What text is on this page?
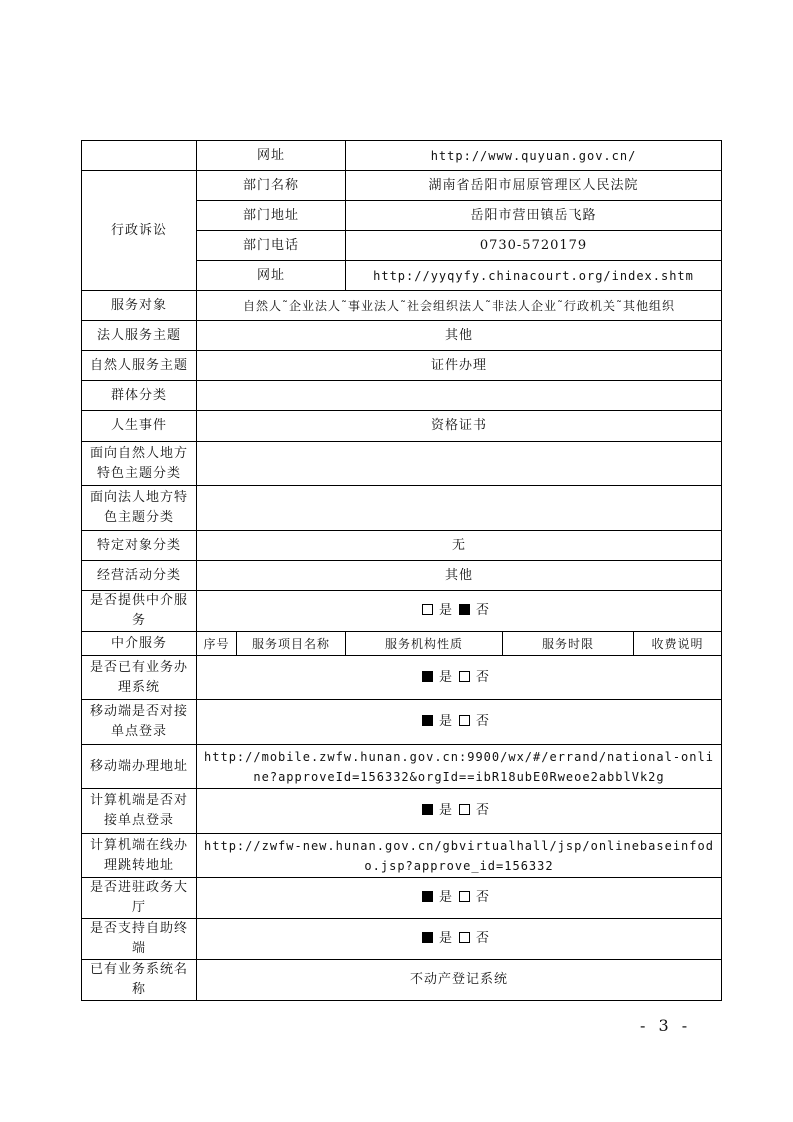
	网址		http://www.quyuan.gov.cn/		
行政诉讼	部门名称		湖南省岳阳市屈原管理区人民法院		
	部门地址		岳阳市营田镇岳飞路		
	部门电话		0730-5720179		
	网址		http://yyqyfy.chinacourt.org/index.shtm		
服务对象	自然人˜企业法人˜事业法人˜社会组织法人˜非法人企业˜行政机关˜其他组织				
法人服务主题	其他				
自然人服务主题	证件办理				
群体分类					
人生事件	资格证书				
面向自然人地方特色主题分类					
面向法人地方特色主题分类					
特定对象分类	无				
经营活动分类	其他				
是否提供中介服务	是 否				
中介服务	序号	服务项目名称	服务机构性质	服务时限	收费说明
是否已有业务办理系统	是 否				
移动端是否对接单点登录	是 否				
移动端办理地址	http://mobile.zwfw.hunan.gov.cn:9900/wx/#/errand/national-online?approveId=156332&orgId==ibR18ubE0Rweoe2abblVk2g				
计算机端是否对接单点登录	是 否				
计算机端在线办理跳转地址	http://zwfw-new.hunan.gov.cn/gbvirtualhall/jsp/onlinebaseinfodo.jsp?approve_id=156332				
是否进驻政务大厅	是 否				
是否支持自助终端	是 否				
已有业务系统名称	不动产登记系统				
- 3 -
